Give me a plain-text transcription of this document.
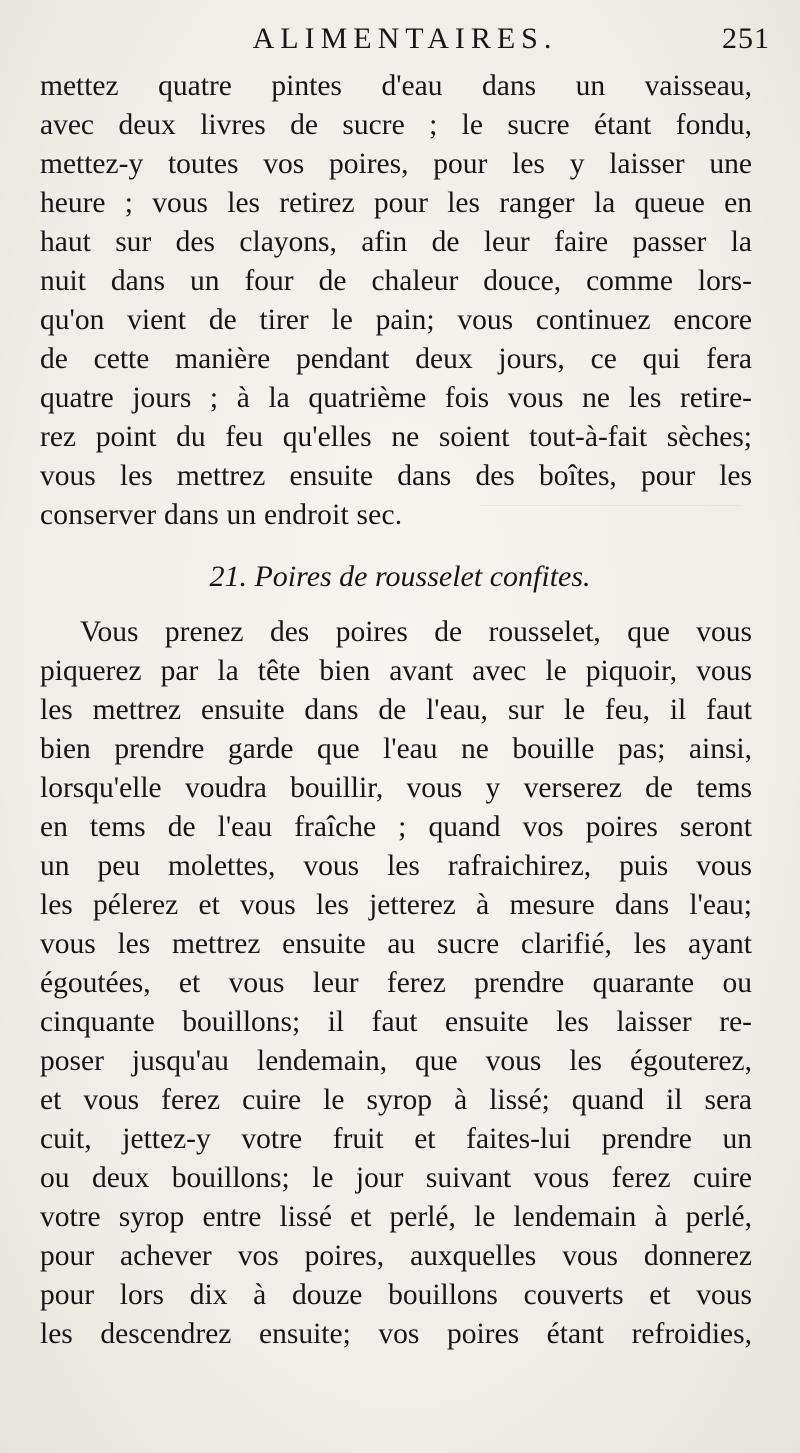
ALIMENTAIRES.	251
mettez quatre pintes d'eau dans un vaisseau,
avec deux livres de sucre ; le sucre étant fondu,
mettez-y toutes vos poires, pour les y laisser une
heure ; vous les retirez pour les ranger la queue en
haut sur des clayons, afin de leur faire passer la
nuit dans un four de chaleur douce, comme lors-
qu'on vient de tirer le pain; vous continuez encore
de cette manière pendant deux jours, ce qui fera
quatre jours ; à la quatrième fois vous ne les retire-
rez point du feu qu'elles ne soient tout-à-fait sèches;
vous les mettrez ensuite dans des boîtes, pour les
conserver dans un endroit sec.
21. Poires de rousselet confites.
Vous prenez des poires de rousselet, que vous
piquerez par la tête bien avant avec le piquoir, vous
les mettrez ensuite dans de l'eau, sur le feu, il faut
bien prendre garde que l'eau ne bouille pas; ainsi,
lorsqu'elle voudra bouillir, vous y verserez de tems
en tems de l'eau fraîche ; quand vos poires seront
un peu molettes, vous les rafraichirez, puis vous
les pélerez et vous les jetterez à mesure dans l'eau;
vous les mettrez ensuite au sucre clarifié, les ayant
égoutées, et vous leur ferez prendre quarante ou
cinquante bouillons; il faut ensuite les laisser re-
poser jusqu'au lendemain, que vous les égouterez,
et vous ferez cuire le syrop à lissé; quand il sera
cuit, jettez-y votre fruit et faites-lui prendre un
ou deux bouillons; le jour suivant vous ferez cuire
votre syrop entre lissé et perlé, le lendemain à perlé,
pour achever vos poires, auxquelles vous donnerez
pour lors dix à douze bouillons couverts et vous
les descendrez ensuite; vos poires étant refroidies,
